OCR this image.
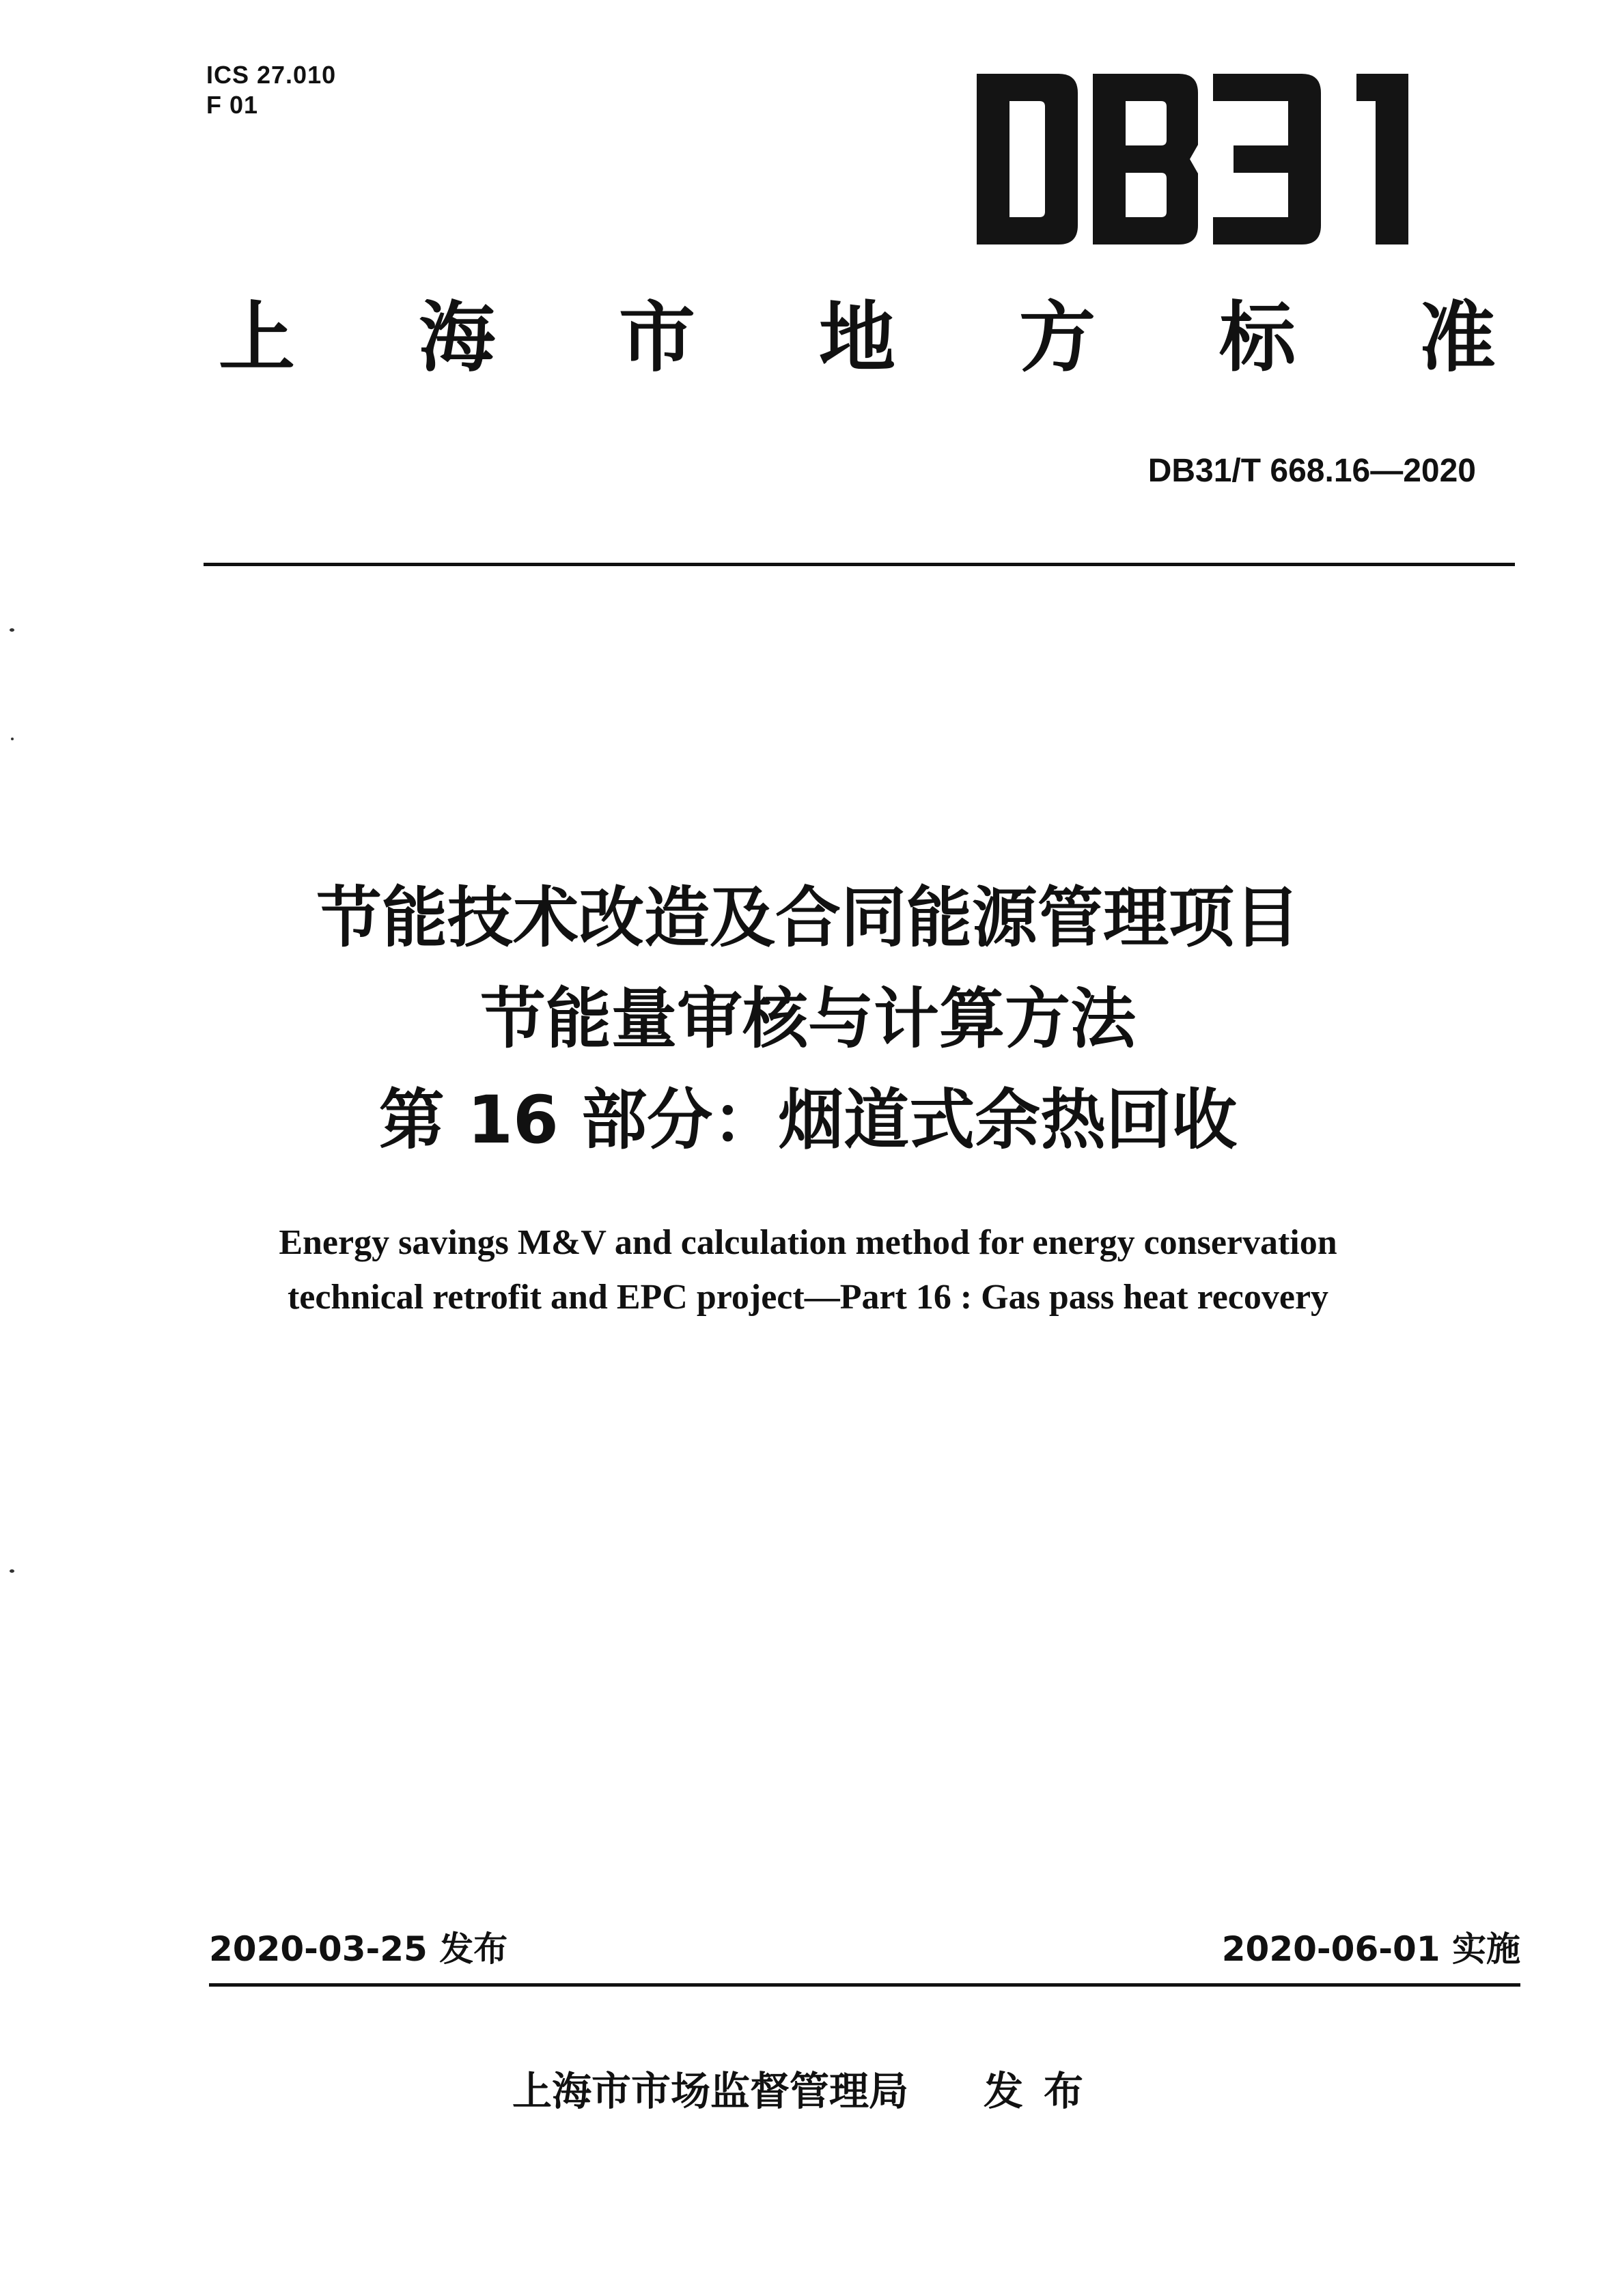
ICS 27.010
F 01
上 海 市 地 方 标 准
DB31/T 668.16—2020
节能技术改造及合同能源管理项目
节能量审核与计算方法
第 16 部分：烟道式余热回收
Energy savings M&V and calculation method for energy conservation
technical retrofit and EPC project—Part 16 : Gas pass heat recovery
2020-03-25 发布	2020-06-01 实施
上海市市场监督管理局 发布
